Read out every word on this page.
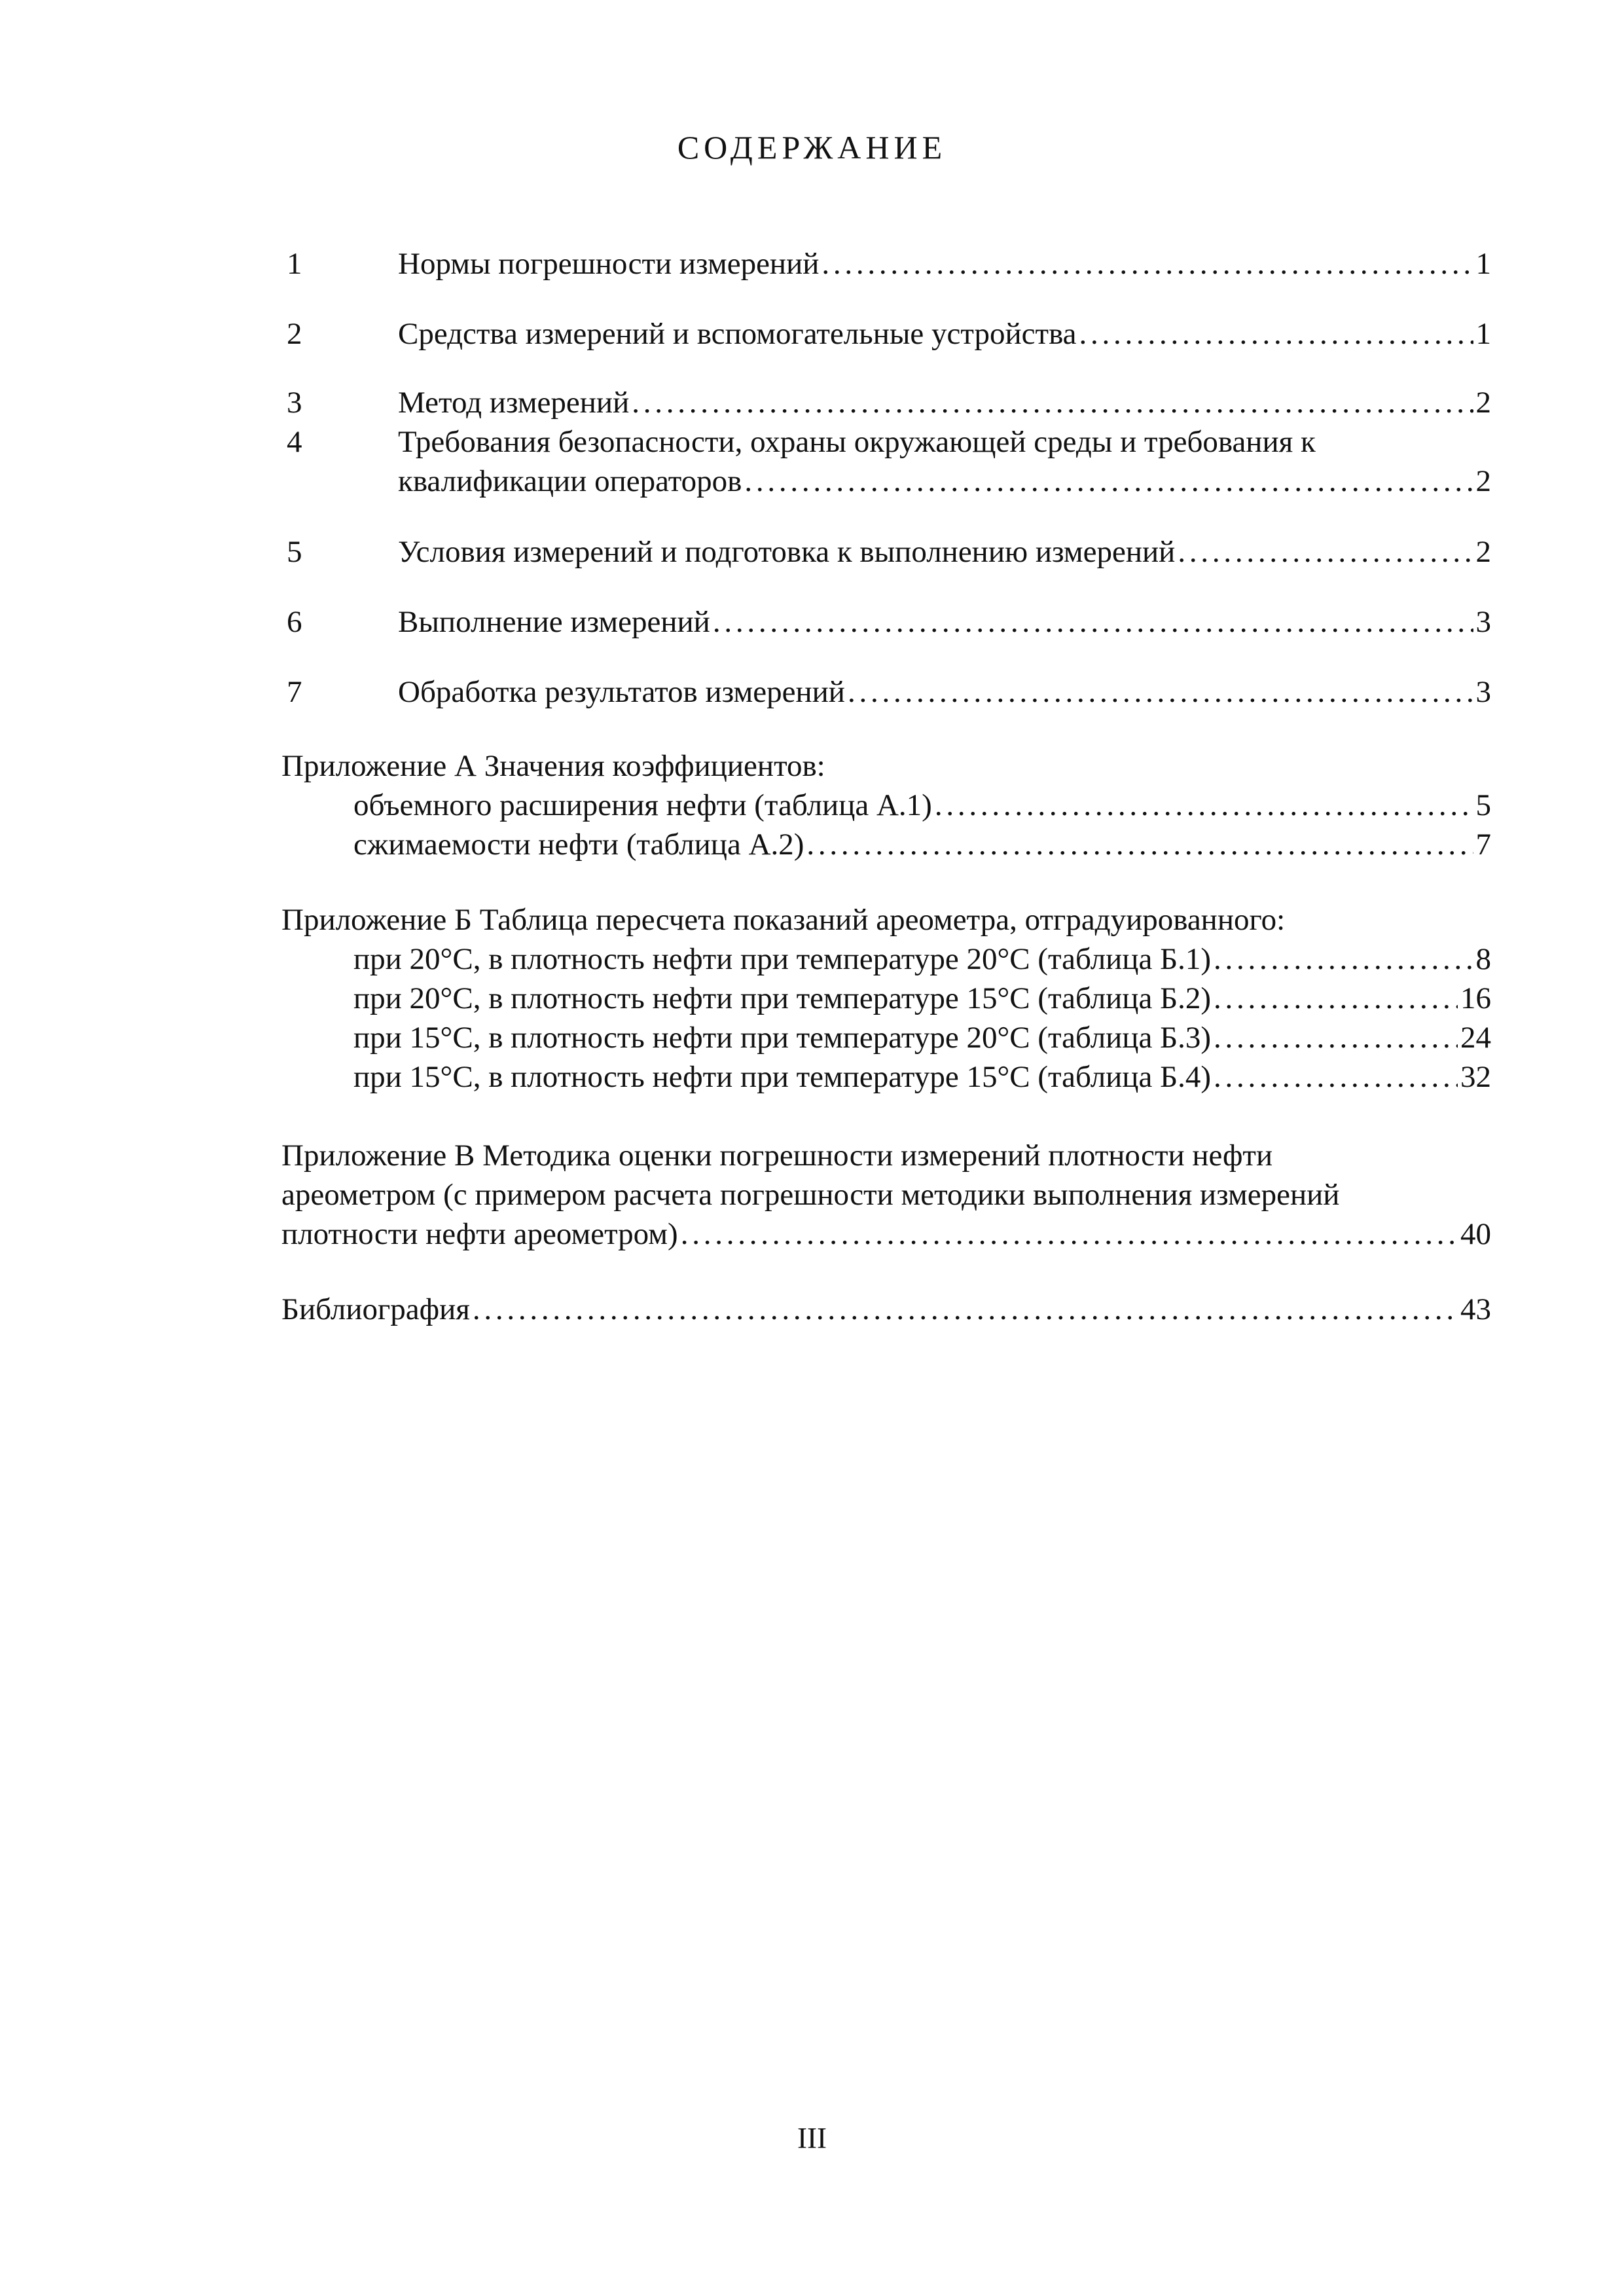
СОДЕРЖАНИЕ
1	Нормы погрешности измерений . . .	1
2	Средства измерений и вспомогательные устройства . . .	1
3	Метод измерений . . .	2
4	Требования безопасности, охраны окружающей среды и требования к
квалификации операторов . . .	2
5	Условия измерений и подготовка к выполнению измерений . . .	2
6	Выполнение измерений . . .	3
7	Обработка результатов измерений . . .	3
Приложение А Значения коэффициентов:
объемного расширения нефти (таблица А.1) . . .	5
сжимаемости нефти (таблица А.2) . . .	7
Приложение Б Таблица пересчета показаний ареометра, отградуированного:
при 20°С, в плотность нефти при температуре 20°С (таблица Б.1) . . .	8
при 20°С, в плотность нефти при температуре 15°С (таблица Б.2) . . .	16
при 15°С, в плотность нефти при температуре 20°С (таблица Б.3) . . .	24
при 15°С, в плотность нефти при температуре 15°С (таблица Б.4) . . .	32
Приложение В Методика оценки погрешности измерений плотности нефти
ареометром (с примером расчета погрешности методики выполнения измерений
плотности нефти ареометром) . . .	40
Библиография . . .	43
III
